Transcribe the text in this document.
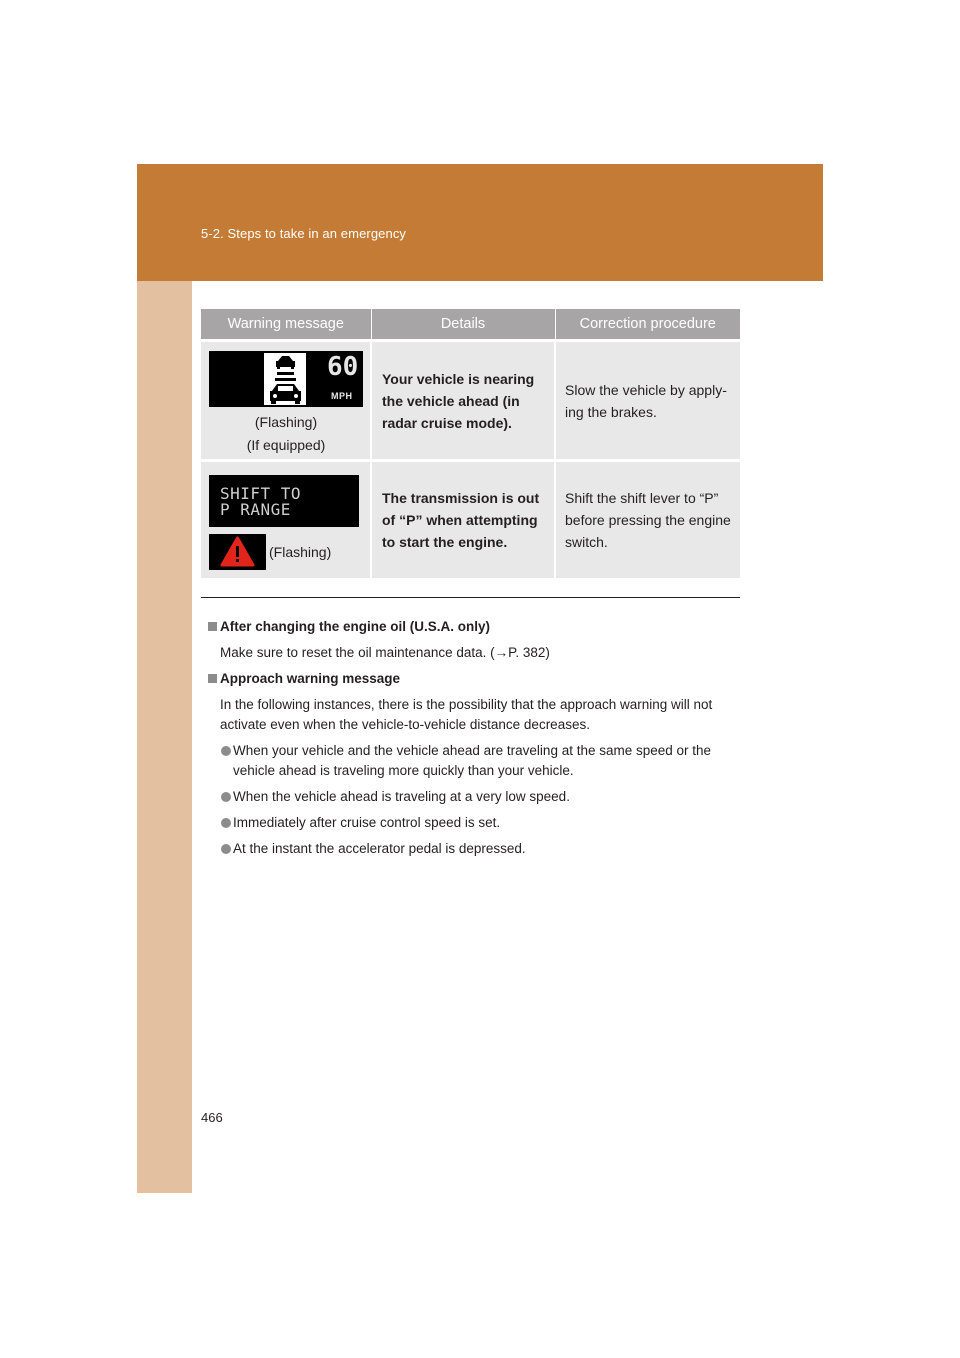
5-2. Steps to take in an emergency
Warning message	Details	Correction procedure

60
MPH
(Flashing)
(If equipped)	Your vehicle is nearing the vehicle ahead (in radar cruise mode).	Slow the vehicle by apply-ing the brakes.

SHIFT TO
P RANGE
(Flashing)	The transmission is out of “P” when attempting to start the engine.	Shift the shift lever to “P” before pressing the engine switch.
After changing the engine oil (U.S.A. only)
Make sure to reset the oil maintenance data. (→P. 382)
Approach warning message
In the following instances, there is the possibility that the approach warning will not activate even when the vehicle-to-vehicle distance decreases.
When your vehicle and the vehicle ahead are traveling at the same speed or the vehicle ahead is traveling more quickly than your vehicle.
When the vehicle ahead is traveling at a very low speed.
Immediately after cruise control speed is set.
At the instant the accelerator pedal is depressed.
466
